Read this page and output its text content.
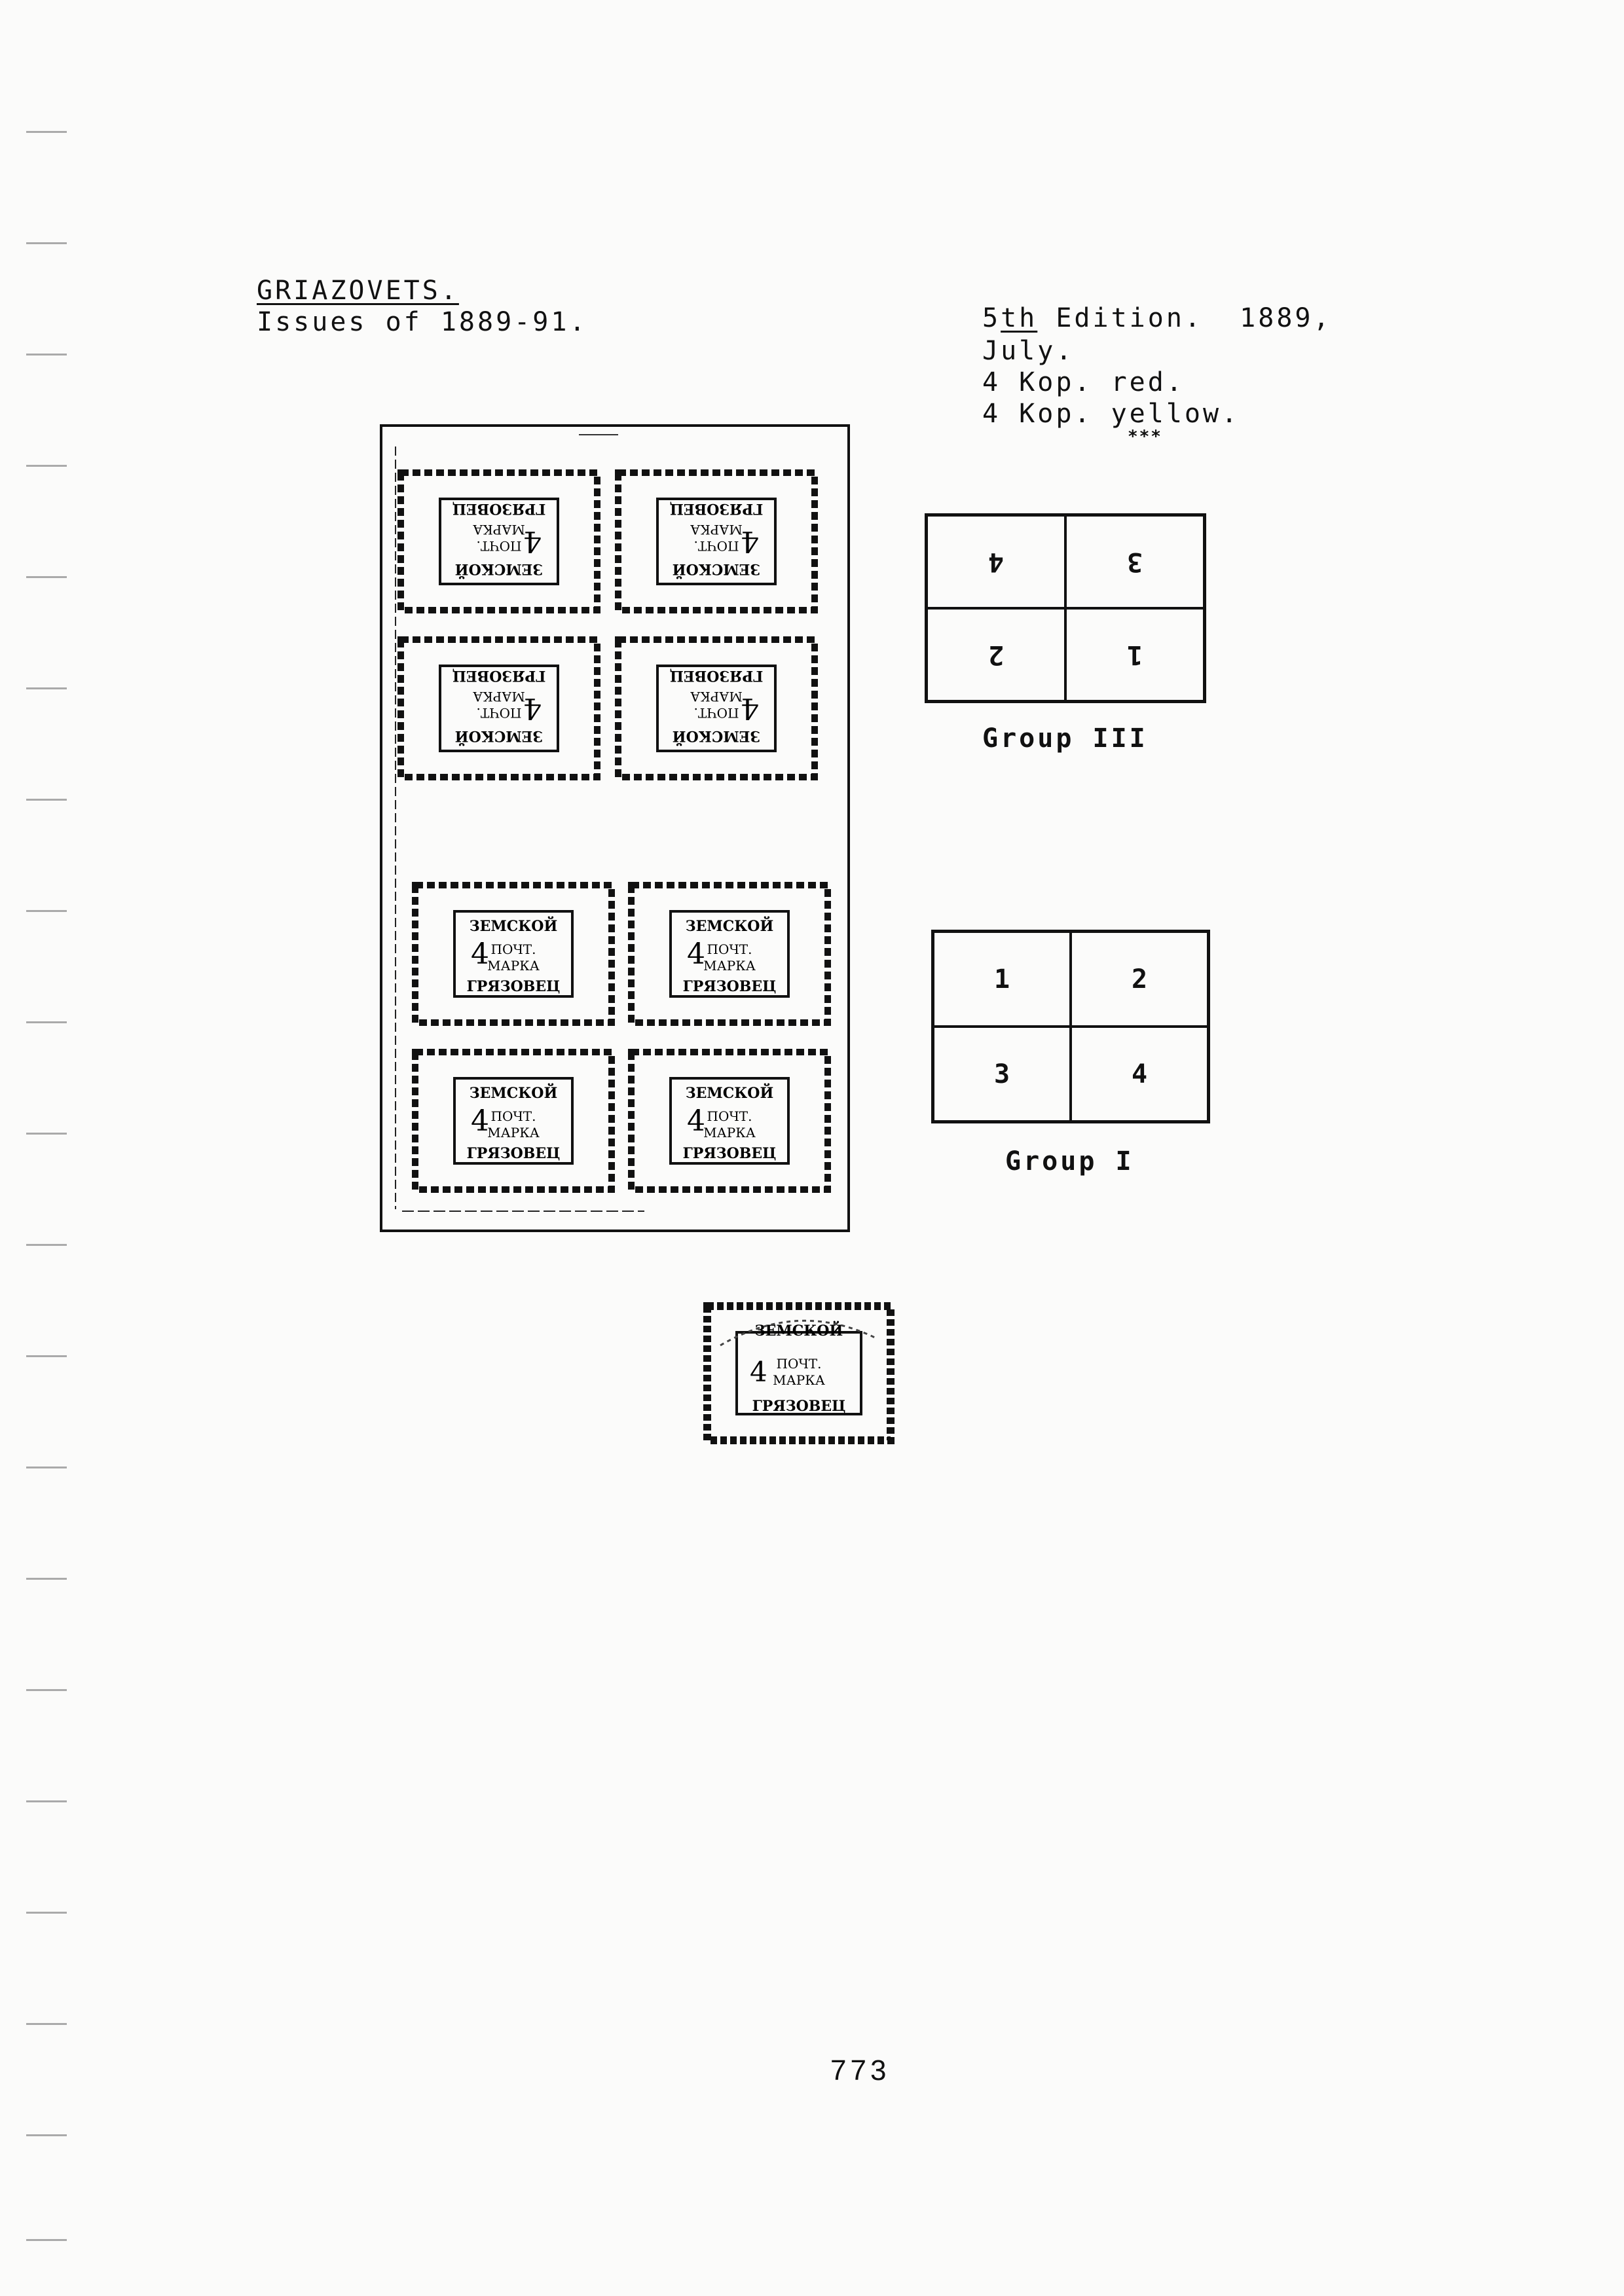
GRIAZOVETS.
Issues of 1889-91.	5th Edition.  1889,
July.
4 Kop. red.
4 Kop. yellow.
***
ЗЕМСКОЙ
ПОЧТ.
МАРКА
ГРЯЗОВЕЦ
4
ЗЕМСКОЙ
ПОЧТ.
МАРКА
ГРЯЗОВЕЦ
4
ЗЕМСКОЙ
ПОЧТ.
МАРКА
ГРЯЗОВЕЦ
4
ЗЕМСКОЙ
ПОЧТ.
МАРКА
ГРЯЗОВЕЦ
4
ЗЕМСКОЙ
ПОЧТ.
МАРКА
ГРЯЗОВЕЦ
4
ЗЕМСКОЙ
ПОЧТ.
МАРКА
ГРЯЗОВЕЦ
4
ЗЕМСКОЙ
ПОЧТ.
МАРКА
ГРЯЗОВЕЦ
4
ЗЕМСКОЙ
ПОЧТ.
МАРКА
ГРЯЗОВЕЦ
4
4	3
2	1
Group III
1	2
3	4
Group I
ЗЕМСКОЙ
ПОЧТ.
МАРКА
ГРЯЗОВЕЦ
4
773
